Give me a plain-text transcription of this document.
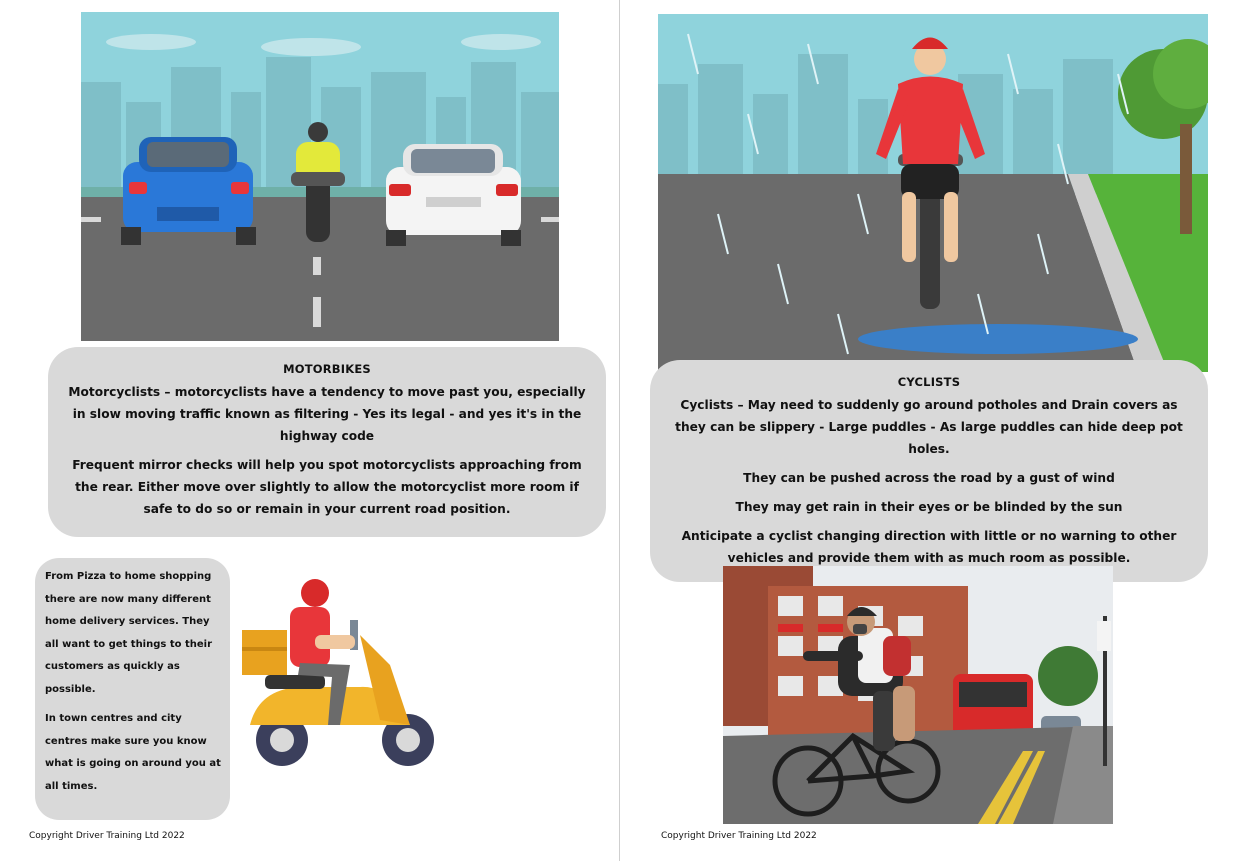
MOTORBIKES

Motorcyclists – motorcyclists have a tendency to move past you, especially in slow moving traffic known as filtering - Yes its legal - and yes it's in the highway code

Frequent mirror checks will help you spot motorcyclists approaching from the rear. Either move over slightly to allow the motorcyclist more room if safe to do so or remain in your current road position.

From Pizza to home shopping there are now many different home delivery services. They all want to get things to their customers as quickly as possible.

In town centres and city centres make sure you know what is going on around you at all times.

Copyright Driver Training Ltd 2022
CYCLISTS

Cyclists – May need to suddenly go around potholes and Drain covers as they can be slippery - Large puddles - As large puddles can hide deep pot holes.

They can be pushed across the road by a gust of wind

They may get rain in their eyes or be blinded by the sun

Anticipate a cyclist changing direction with little or no warning to other vehicles and provide them with as much room as possible.

Copyright Driver Training Ltd 2022
